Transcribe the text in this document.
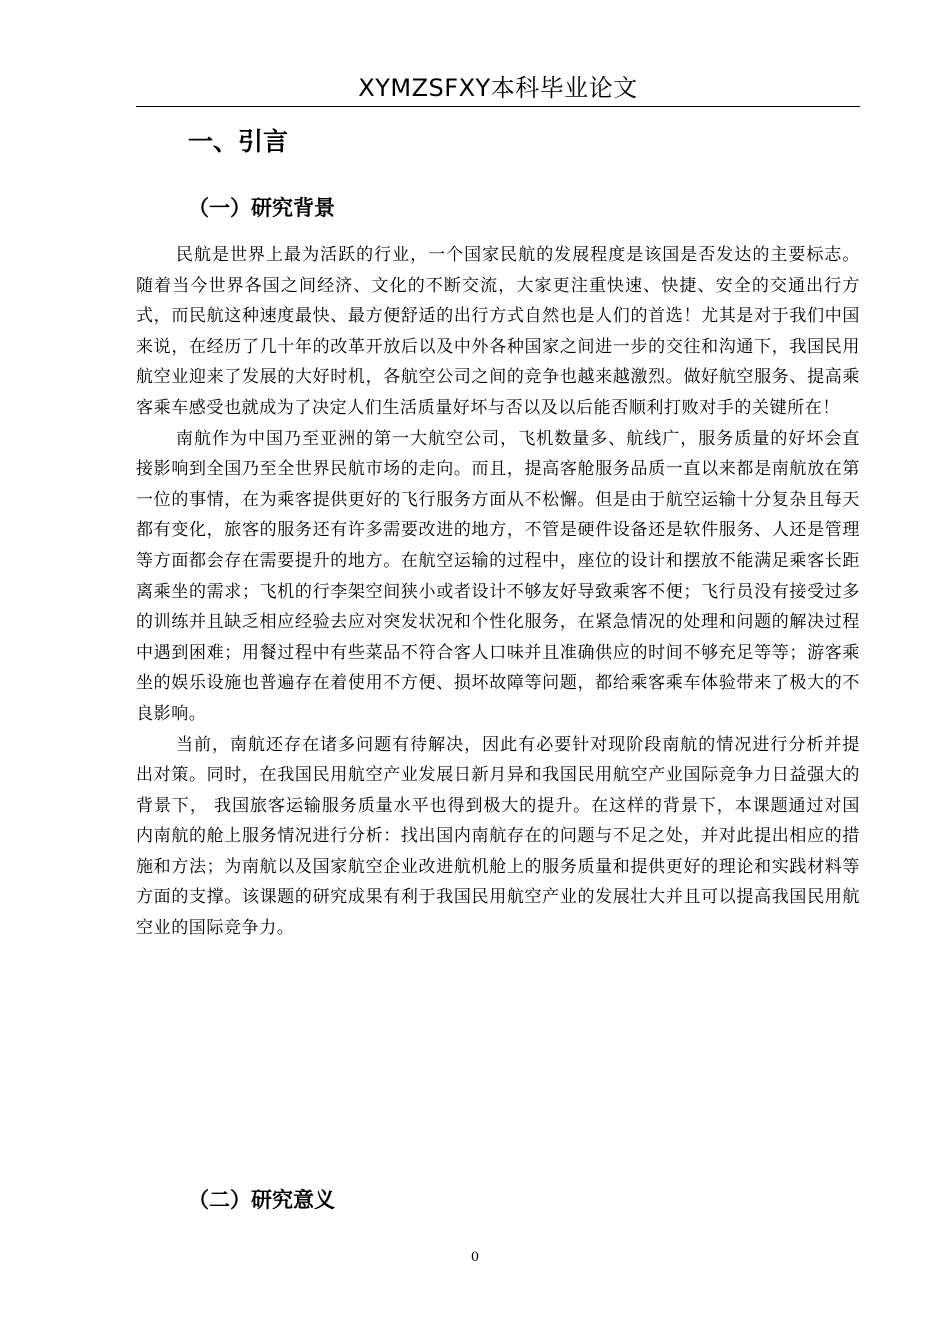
XYMZSFXY本科毕业论文
一、引言
（一）研究背景

民航是世界上最为活跃的行业，一个国家民航的发展程度是该国是否发达的主要标志。随着当今世界各国之间经济、文化的不断交流，大家更注重快速、快捷、安全的交通出行方式，而民航这种速度最快、最方便舒适的出行方式自然也是人们的首选！尤其是对于我们中国来说，在经历了几十年的改革开放后以及中外各种国家之间进一步的交往和沟通下，我国民用航空业迎来了发展的大好时机，各航空公司之间的竞争也越来越激烈。做好航空服务、提高乘客乘车感受也就成为了决定人们生活质量好坏与否以及以后能否顺利打败对手的关键所在！

南航作为中国乃至亚洲的第一大航空公司，飞机数量多、航线广，服务质量的好坏会直接影响到全国乃至全世界民航市场的走向。而且，提高客舱服务品质一直以来都是南航放在第一位的事情，在为乘客提供更好的飞行服务方面从不松懈。但是由于航空运输十分复杂且每天都有变化，旅客的服务还有许多需要改进的地方，不管是硬件设备还是软件服务、人还是管理等方面都会存在需要提升的地方。在航空运输的过程中，座位的设计和摆放不能满足乘客长距离乘坐的需求；飞机的行李架空间狭小或者设计不够友好导致乘客不便；飞行员没有接受过多的训练并且缺乏相应经验去应对突发状况和个性化服务，在紧急情况的处理和问题的解决过程中遇到困难；用餐过程中有些菜品不符合客人口味并且准确供应的时间不够充足等等；游客乘坐的娱乐设施也普遍存在着使用不方便、损坏故障等问题，都给乘客乘车体验带来了极大的不良影响。

当前，南航还存在诸多问题有待解决，因此有必要针对现阶段南航的情况进行分析并提出对策。同时，在我国民用航空产业发展日新月异和我国民用航空产业国际竞争力日益强大的背景下， 我国旅客运输服务质量水平也得到极大的提升。在这样的背景下，本课题通过对国内南航的舱上服务情况进行分析：找出国内南航存在的问题与不足之处，并对此提出相应的措施和方法；为南航以及国家航空企业改进航机舱上的服务质量和提供更好的理论和实践材料等方面的支撑。该课题的研究成果有利于我国民用航空产业的发展壮大并且可以提高我国民用航空业的国际竞争力。

（二）研究意义
0
